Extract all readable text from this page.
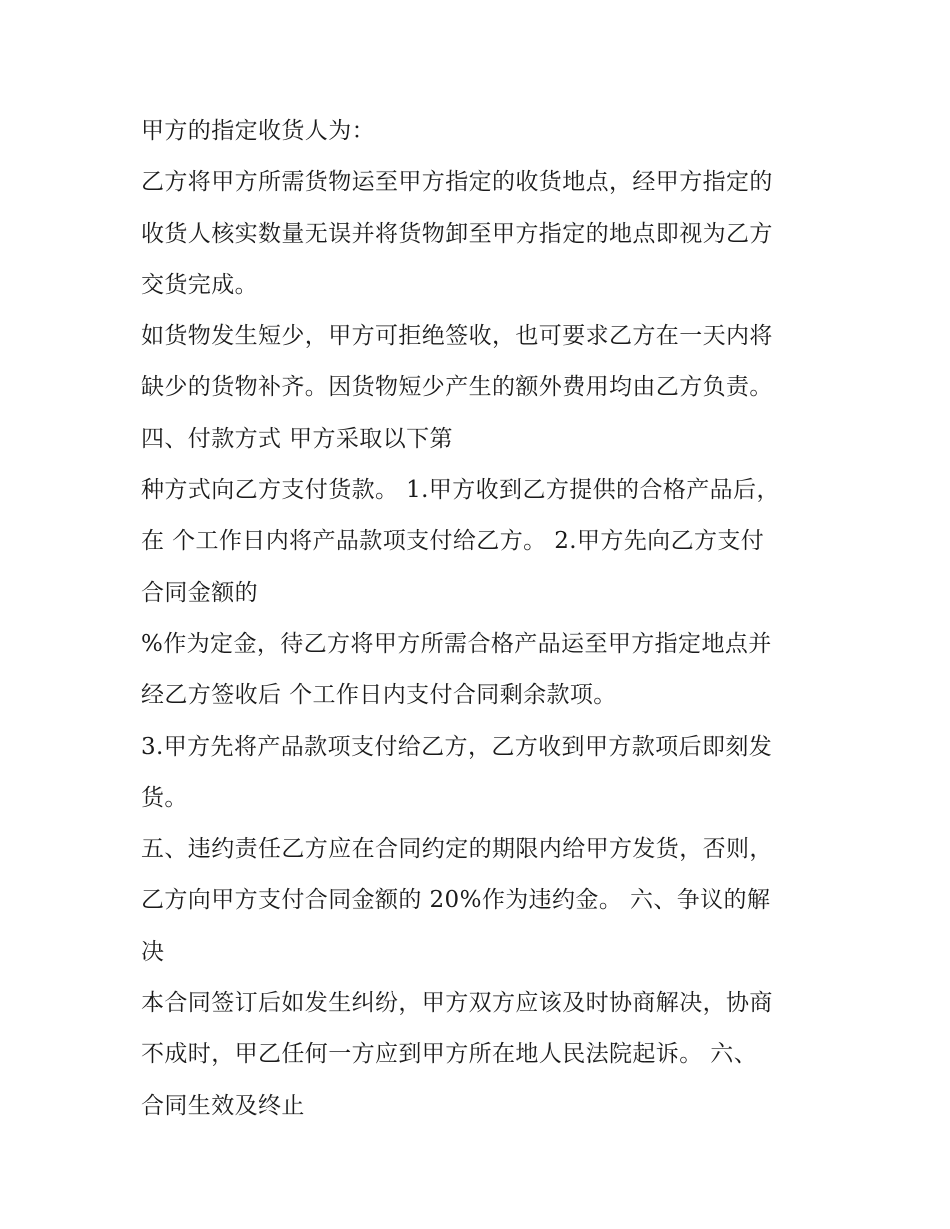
甲方的指定收货人为：
乙方将甲方所需货物运至甲方指定的收货地点，经甲方指定的
收货人核实数量无误并将货物卸至甲方指定的地点即视为乙方
交货完成。
如货物发生短少，甲方可拒绝签收，也可要求乙方在一天内将
缺少的货物补齐。因货物短少产生的额外费用均由乙方负责。
四、付款方式 甲方采取以下第
种方式向乙方支付货款。 1.甲方收到乙方提供的合格产品后，
在 个工作日内将产品款项支付给乙方。 2.甲方先向乙方支付
合同金额的
%作为定金，待乙方将甲方所需合格产品运至甲方指定地点并
经乙方签收后 个工作日内支付合同剩余款项。
3.甲方先将产品款项支付给乙方，乙方收到甲方款项后即刻发
货。
五、违约责任乙方应在合同约定的期限内给甲方发货，否则，
乙方向甲方支付合同金额的 20%作为违约金。 六、争议的解
决
本合同签订后如发生纠纷，甲方双方应该及时协商解决，协商
不成时，甲乙任何一方应到甲方所在地人民法院起诉。 六、
合同生效及终止
